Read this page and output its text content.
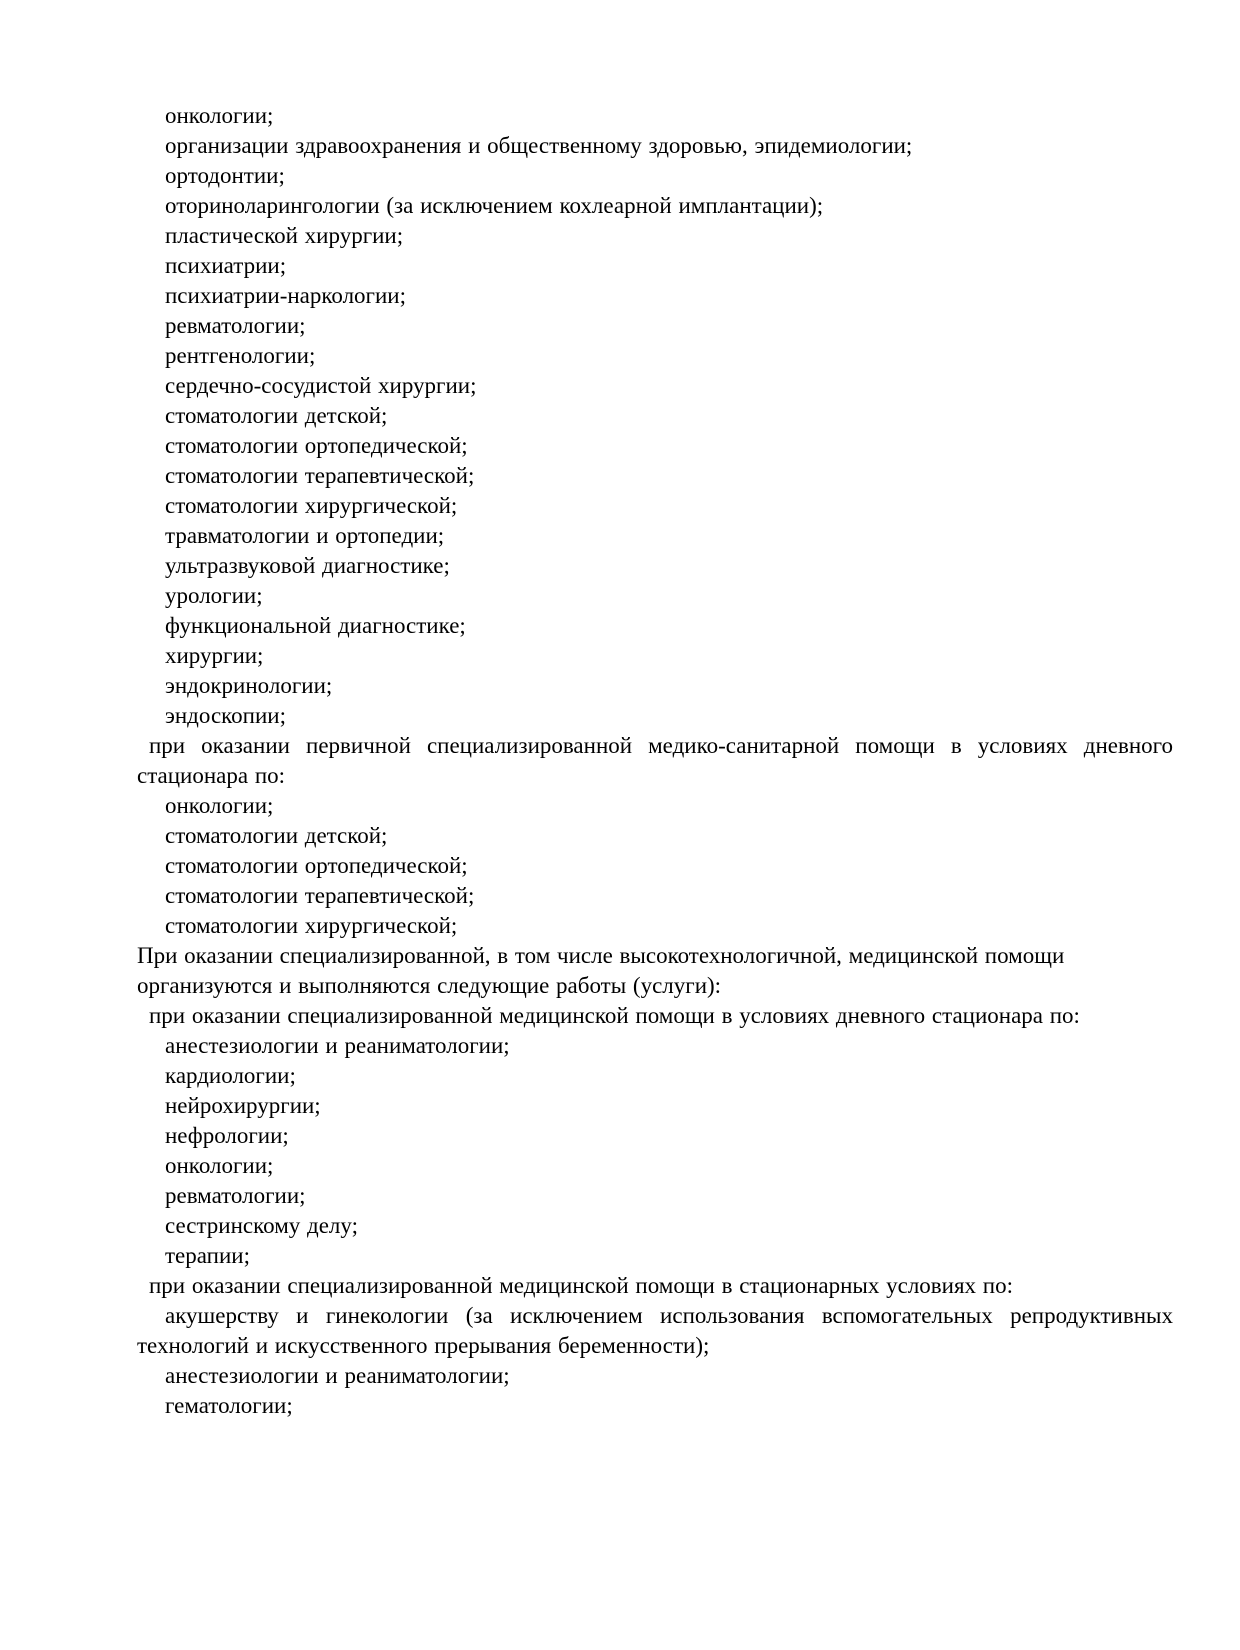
онкологии;
организации здравоохранения и общественному здоровью, эпидемиологии;
ортодонтии;
оториноларингологии (за исключением кохлеарной имплантации);
пластической хирургии;
психиатрии;
психиатрии-наркологии;
ревматологии;
рентгенологии;
сердечно-сосудистой хирургии;
стоматологии детской;
стоматологии ортопедической;
стоматологии терапевтической;
стоматологии хирургической;
травматологии и ортопедии;
ультразвуковой диагностике;
урологии;
функциональной диагностике;
хирургии;
эндокринологии;
эндоскопии;
при оказании первичной специализированной медико-санитарной помощи в условиях дневного
стационара по:
онкологии;
стоматологии детской;
стоматологии ортопедической;
стоматологии терапевтической;
стоматологии хирургической;
При оказании специализированной, в том числе высокотехнологичной, медицинской помощи
организуются и выполняются следующие работы (услуги):
при оказании специализированной медицинской помощи в условиях дневного стационара по:
анестезиологии и реаниматологии;
кардиологии;
нейрохирургии;
нефрологии;
онкологии;
ревматологии;
сестринскому делу;
терапии;
при оказании специализированной медицинской помощи в стационарных условиях по:
акушерству и гинекологии (за исключением использования вспомогательных репродуктивных
технологий и искусственного прерывания беременности);
анестезиологии и реаниматологии;
гематологии;
